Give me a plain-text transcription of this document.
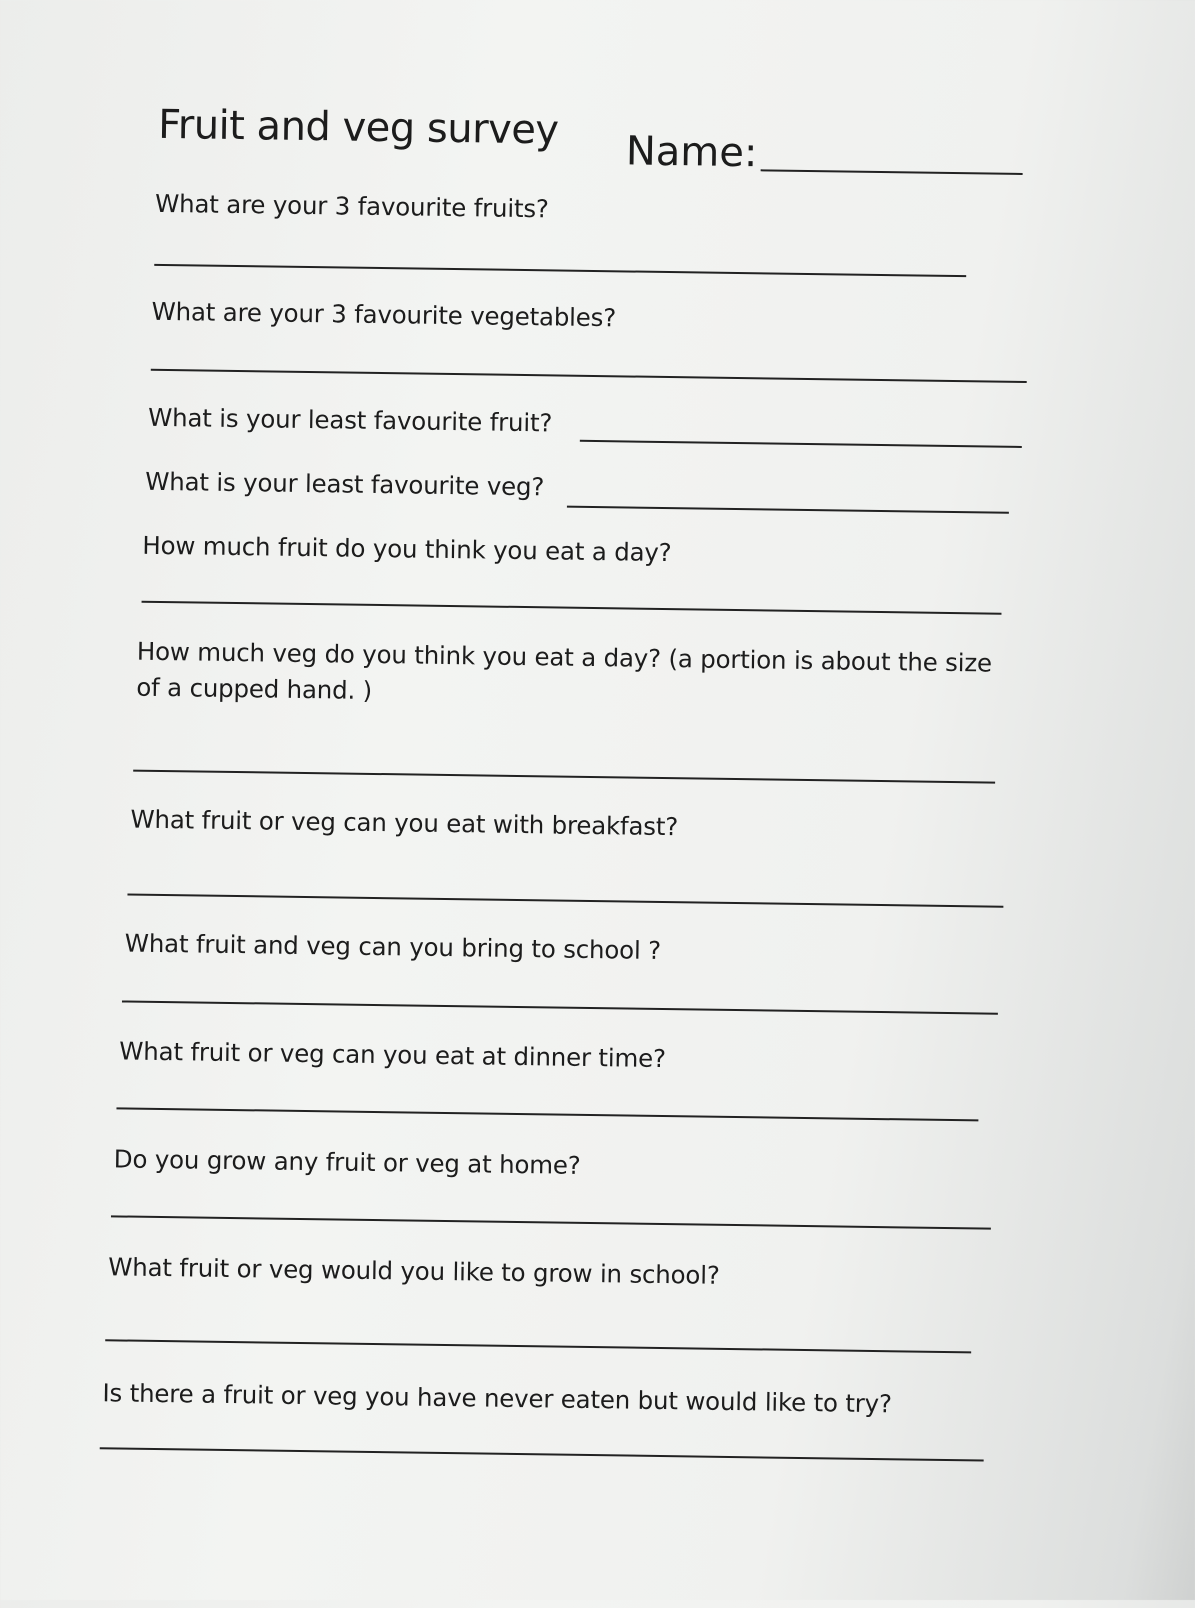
Fruit and veg survey Name:
What are your 3 favourite fruits?
What are your 3 favourite vegetables?
What is your least favourite fruit?
What is your least favourite veg?
How much fruit do you think you eat a day?
How much veg do you think you eat a day? (a portion is about the size of a cupped hand. )
What fruit or veg can you eat with breakfast?
What fruit and veg can you bring to school ?
What fruit or veg can you eat at dinner time?
Do you grow any fruit or veg at home?
What fruit or veg would you like to grow in school?
Is there a fruit or veg you have never eaten but would like to try?
